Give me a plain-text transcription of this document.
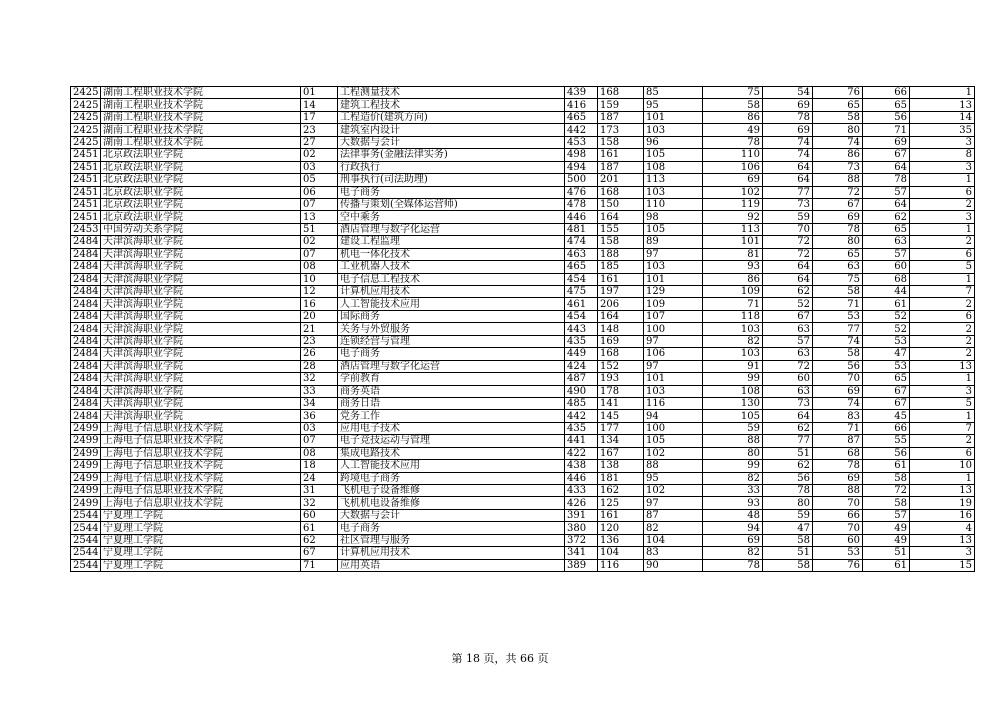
2425	湖南工程职业技术学院	01	工程测量技术	439	168	85	75	54	76	66	1
2425	湖南工程职业技术学院	14	建筑工程技术	416	159	95	58	69	65	65	13
2425	湖南工程职业技术学院	17	工程造价(建筑方向)	465	187	101	86	78	58	56	14
2425	湖南工程职业技术学院	23	建筑室内设计	442	173	103	49	69	80	71	35
2425	湖南工程职业技术学院	27	大数据与会计	453	158	96	78	74	74	69	3
2451	北京政法职业学院	02	法律事务(金融法律实务)	498	161	105	110	74	86	67	8
2451	北京政法职业学院	03	行政执行	494	187	108	106	64	73	64	3
2451	北京政法职业学院	05	刑事执行(司法助理)	500	201	113	69	64	88	78	1
2451	北京政法职业学院	06	电子商务	476	168	103	102	77	72	57	6
2451	北京政法职业学院	07	传播与策划(全媒体运营师)	478	150	110	119	73	67	64	2
2451	北京政法职业学院	13	空中乘务	446	164	98	92	59	69	62	3
2453	中国劳动关系学院	51	酒店管理与数字化运营	481	155	105	113	70	78	65	1
2484	天津滨海职业学院	02	建设工程监理	474	158	89	101	72	80	63	2
2484	天津滨海职业学院	07	机电一体化技术	463	188	97	81	72	65	57	6
2484	天津滨海职业学院	08	工业机器人技术	465	185	103	93	64	63	60	5
2484	天津滨海职业学院	10	电子信息工程技术	454	161	101	86	64	75	68	1
2484	天津滨海职业学院	12	计算机应用技术	475	197	129	109	62	58	44	7
2484	天津滨海职业学院	16	人工智能技术应用	461	206	109	71	52	71	61	2
2484	天津滨海职业学院	20	国际商务	454	164	107	118	67	53	52	6
2484	天津滨海职业学院	21	关务与外贸服务	443	148	100	103	63	77	52	2
2484	天津滨海职业学院	23	连锁经营与管理	435	169	97	82	57	74	53	2
2484	天津滨海职业学院	26	电子商务	449	168	106	103	63	58	47	2
2484	天津滨海职业学院	28	酒店管理与数字化运营	424	152	97	91	72	56	53	13
2484	天津滨海职业学院	32	学前教育	487	193	101	99	60	70	65	1
2484	天津滨海职业学院	33	商务英语	490	178	103	108	63	69	67	3
2484	天津滨海职业学院	34	商务日语	485	141	116	130	73	74	67	5
2484	天津滨海职业学院	36	党务工作	442	145	94	105	64	83	45	1
2499	上海电子信息职业技术学院	03	应用电子技术	435	177	100	59	62	71	66	7
2499	上海电子信息职业技术学院	07	电子竞技运动与管理	441	134	105	88	77	87	55	2
2499	上海电子信息职业技术学院	08	集成电路技术	422	167	102	80	51	68	56	6
2499	上海电子信息职业技术学院	18	人工智能技术应用	438	138	88	99	62	78	61	10
2499	上海电子信息职业技术学院	24	跨境电子商务	446	181	95	82	56	69	58	1
2499	上海电子信息职业技术学院	31	飞机电子设备维修	433	162	102	33	78	88	72	13
2499	上海电子信息职业技术学院	32	飞机机电设备维修	426	125	97	93	80	70	58	19
2544	宁夏理工学院	60	大数据与会计	391	161	87	48	59	66	57	16
2544	宁夏理工学院	61	电子商务	380	120	82	94	47	70	49	4
2544	宁夏理工学院	62	社区管理与服务	372	136	104	69	58	60	49	13
2544	宁夏理工学院	67	计算机应用技术	341	104	83	82	51	53	51	3
2544	宁夏理工学院	71	应用英语	389	116	90	78	58	76	61	15
第 18 页，共 66 页
